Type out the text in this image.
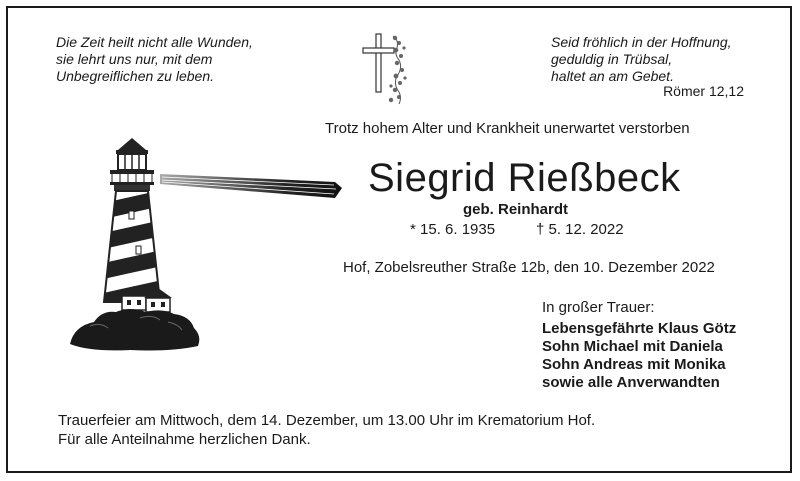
Die Zeit heilt nicht alle Wunden,
sie lehrt uns nur, mit dem
Unbegreiflichen zu leben.
Seid fröhlich in der Hoffnung,
geduldig in Trübsal,
haltet an am Gebet.
Römer 12,12
Trotz hohem Alter und Krankheit unerwartet verstorben
Siegrid Rießbeck
geb. Reinhardt
* 15. 6. 1935	† 5. 12. 2022
Hof, Zobelsreuther Straße 12b, den 10. Dezember 2022
In großer Trauer:
Lebensgefährte Klaus Götz
Sohn Michael mit Daniela
Sohn Andreas mit Monika
sowie alle Anverwandten
Trauerfeier am Mittwoch, dem 14. Dezember, um 13.00 Uhr im Krematorium Hof.
Für alle Anteilnahme herzlichen Dank.
